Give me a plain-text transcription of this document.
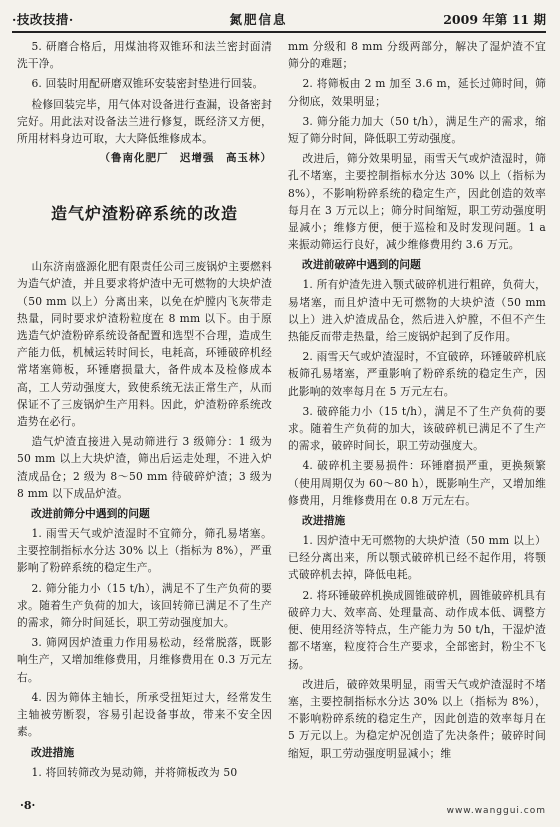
·技改技措·	氮肥信息	2009 年第 11 期

5. 研磨合格后，用煤油将双锥环和法兰密封面清洗干净。

6. 回装时用配研磨双锥环安装密封垫进行回装。

检修回装完毕，用气体对设备进行查漏，设备密封完好。用此法对设备法兰进行修复，既经济又方便，所用材料身边可取，大大降低维修成本。

（鲁南化肥厂　迟增强　高玉林）

造气炉渣粉碎系统的改造

山东济南盛源化肥有限责任公司三废锅炉主要燃料为造气炉渣，并且要求将炉渣中无可燃物的大块炉渣（50 mm 以上）分离出来，以免在炉膛内飞灰带走热量，同时要求炉渣粉粒度在 8 mm 以下。由于原选造气炉渣粉碎系统设备配置和选型不合理，造成生产能力低，机械运转时间长，电耗高，环锤破碎机经常堵塞筛板，环锤磨损量大，备件成本及检修成本高，工人劳动强度大，致使系统无法正常生产，从而保证不了三废锅炉生产用料。因此，炉渣粉碎系统改造势在必行。

造气炉渣直接进入晃动筛进行 3 级筛分：1 级为 50 mm 以上大块炉渣，筛出后运走处理，不进入炉渣成品仓；2 级为 8～50 mm 待破碎炉渣；3 级为 8 mm 以下成品炉渣。

改进前筛分中遇到的问题

1. 雨雪天气或炉渣湿时不宜筛分，筛孔易堵塞。主要控制指标水分达 30% 以上（指标为 8%），严重影响了粉碎系统的稳定生产。

2. 筛分能力小（15 t/h），满足不了生产负荷的要求。随着生产负荷的加大，该回转筛已满足不了生产的需求，筛分时间延长，职工劳动强度加大。

3. 筛网因炉渣重力作用易松动，经常脱落，既影响生产，又增加维修费用，月维修费用在 0.3 万元左右。

4. 因为筛体主轴长，所承受扭矩过大，经常发生主轴被劳断裂，容易引起设备事故，带来不安全因素。

改进措施

1. 将回转筛改为晃动筛，并将筛板改为 50

mm 分级和 8 mm 分级两部分，解决了湿炉渣不宜筛分的难题；

2. 将筛板由 2 m 加至 3.6 m，延长过筛时间，筛分彻底，效果明显；

3. 筛分能力加大（50 t/h），满足生产的需求，缩短了筛分时间，降低职工劳动强度。

改进后，筛分效果明显，雨雪天气或炉渣湿时，筛孔不堵塞，主要控制指标水分达 30% 以上（指标为 8%），不影响粉碎系统的稳定生产，因此创造的效率每月在 3 万元以上；筛分时间缩短，职工劳动强度明显减小；维修方便，便于巡检和及时发现问题。1 a 来振动筛运行良好，减少维修费用约 3.6 万元。

改进前破碎中遇到的问题

1. 所有炉渣先进入颚式破碎机进行粗碎，负荷大，易堵塞，而且炉渣中无可燃物的大块炉渣（50 mm 以上）进入炉渣成品仓，然后进入炉膛，不但不产生热能反而带走热量，给三废锅炉起到了反作用。

2. 雨雪天气或炉渣湿时，不宜破碎，环锤破碎机底板筛孔易堵塞，严重影响了粉碎系统的稳定生产，因此影响的效率每月在 5 万元左右。

3. 破碎能力小（15 t/h），满足不了生产负荷的要求。随着生产负荷的加大，该破碎机已满足不了生产的需求，破碎时间长，职工劳动强度大。

4. 破碎机主要易损件：环锤磨损严重，更换频繁（使用周期仅为 60～80 h），既影响生产，又增加维修费用，月维修费用在 0.8 万元左右。

改进措施

1. 因炉渣中无可燃物的大块炉渣（50 mm 以上）已经分离出来，所以颚式破碎机已经不起作用，将颚式破碎机去掉，降低电耗。

2. 将环锤破碎机换成圆锥破碎机，圆锥破碎机具有破碎力大、效率高、处理量高、动作成本低、调整方便、使用经济等特点，生产能力为 50 t/h，干湿炉渣都不堵塞，粒度符合生产要求，全部密封，粉尘不飞扬。

改进后，破碎效果明显，雨雪天气或炉渣湿时不堵塞，主要控制指标水分达 30% 以上（指标为 8%），不影响粉碎系统的稳定生产，因此创造的效率每月在 5 万元以上。为稳定炉况创造了先决条件；破碎时间缩短，职工劳动强度明显减小；维

·8·	www.wanggui.com
